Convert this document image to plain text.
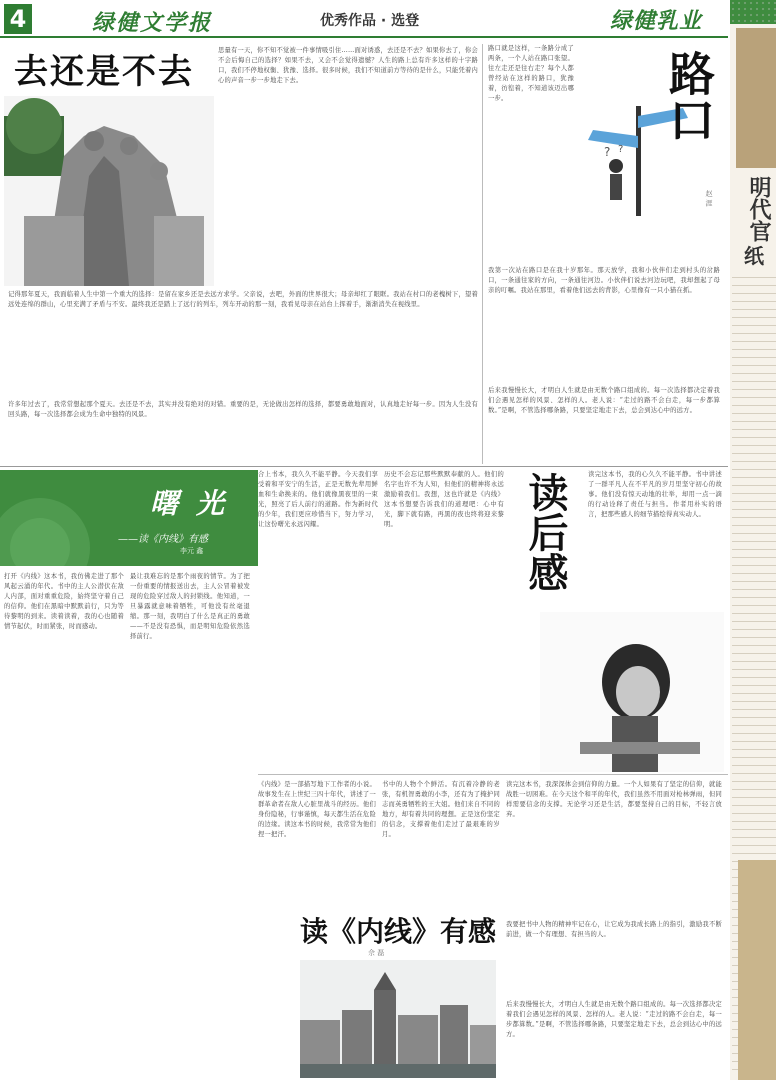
4	绿健文学报	优秀作品 · 选登	绿健乳业
去还是不去
思量有一天，你不知不觉被一件事情吸引住……面对诱惑，去还是不去？如果你去了，你会不会后悔自己的选择？如果不去，又会不会觉得遗憾？人生的路上总有许多这样的十字路口，我们不停地权衡、犹豫、选择。很多时候，我们不知道前方等待的是什么，只能凭着内心的声音一步一步地走下去。
记得那年夏天，我面临着人生中第一个重大的选择：是留在家乡还是去远方求学。父亲说，去吧，外面的世界很大；母亲却红了眼眶。我站在村口的老槐树下，望着远处连绵的群山，心里充满了矛盾与不安。最终我还是踏上了远行的列车，列车开动的那一刻，我看见母亲在站台上挥着手，渐渐消失在视线里。
许多年过去了，我常常想起那个夏天。去还是不去，其实并没有绝对的对错。重要的是，无论做出怎样的选择，都要勇敢地面对，认真地走好每一步。因为人生没有回头路，每一次选择都会成为生命中独特的风景。
路口就是这样，一条路分成了两条，一个人站在路口张望。往左走还是往右走？每个人都曾经站在这样的路口，犹豫着，彷徨着，不知道该迈出哪一步。
? ?
路口
赵 涯
我第一次站在路口是在我十岁那年。那天放学，我和小伙伴们走到村头的岔路口，一条通往家的方向，一条通往河边。小伙伴们说去河边玩吧，我却想起了母亲的叮嘱。我站在那里，看着他们远去的背影，心里像有一只小猫在抓。
后来我慢慢长大，才明白人生就是由无数个路口组成的。每一次选择都决定着我们会遇见怎样的风景、怎样的人。老人说：“走过的路不会白走，每一步都算数。”是啊，不管选择哪条路，只要坚定地走下去，总会到达心中的远方。
曙光
——读《内线》有感
李元 鑫
打开《内线》这本书，我仿佛走进了那个风起云涌的年代。书中的主人公潜伏在敌人内部，面对重重危险，始终坚守着自己的信仰。他们在黑暗中默默前行，只为等待黎明的到来。读着读着，我的心也随着情节起伏，时而紧张，时而感动。
最让我难忘的是那个雨夜的情节。为了把一份重要的情报送出去，主人公冒着被发现的危险穿过敌人的封锁线。他知道，一旦暴露就意味着牺牲，可他没有丝毫退缩。那一刻，我明白了什么是真正的勇敢——不是没有恐惧，而是明知危险依然选择前行。
合上书本，我久久不能平静。今天我们享受着和平安宁的生活，正是无数先辈用鲜血和生命换来的。他们就像黑夜里的一束光，照亮了后人前行的道路。作为新时代的少年，我们更应珍惜当下，努力学习，让这份曙光永远闪耀。
历史不会忘记那些默默奉献的人。他们的名字也许不为人知，但他们的精神将永远激励着我们。我想，这也许就是《内线》这本书想要告诉我们的道理吧：心中有光，脚下就有路，再黑的夜也终将迎来黎明。	读后感	读完这本书，我的心久久不能平静。书中讲述了一群平凡人在不平凡的岁月里坚守初心的故事。他们没有惊天动地的壮举，却用一点一滴的行动诠释了责任与担当。作者用朴实的语言，把那些感人的细节描绘得真实动人。
《内线》是一部描写地下工作者的小说。故事发生在上世纪三四十年代，讲述了一群革命者在敌人心脏里战斗的经历。他们身份隐秘，行事谨慎，每天都生活在危险的边缘。读这本书的时候，我常常为他们捏一把汗。
书中的人物个个鲜活。有沉着冷静的老张，有机智勇敢的小李，还有为了掩护同志而英勇牺牲的王大姐。他们来自不同的地方，却有着共同的理想。正是这份坚定的信念，支撑着他们走过了最艰难的岁月。
读完这本书，我深深体会到信仰的力量。一个人如果有了坚定的信仰，就能战胜一切困难。在今天这个和平的年代，我们虽然不用面对枪林弹雨，但同样需要信念的支撑。无论学习还是生活，都要坚持自己的目标，不轻言放弃。
我要把书中人物的精神牢记在心，让它成为我成长路上的指引，激励我不断前进，做一个有理想、有担当的人。
后来我慢慢长大，才明白人生就是由无数个路口组成的。每一次选择都决定着我们会遇见怎样的风景、怎样的人。老人说：“走过的路不会白走，每一步都算数。”是啊，不管选择哪条路，只要坚定地走下去，总会到达心中的远方。
读《内线》有感
佘 磊
明代官
纸
